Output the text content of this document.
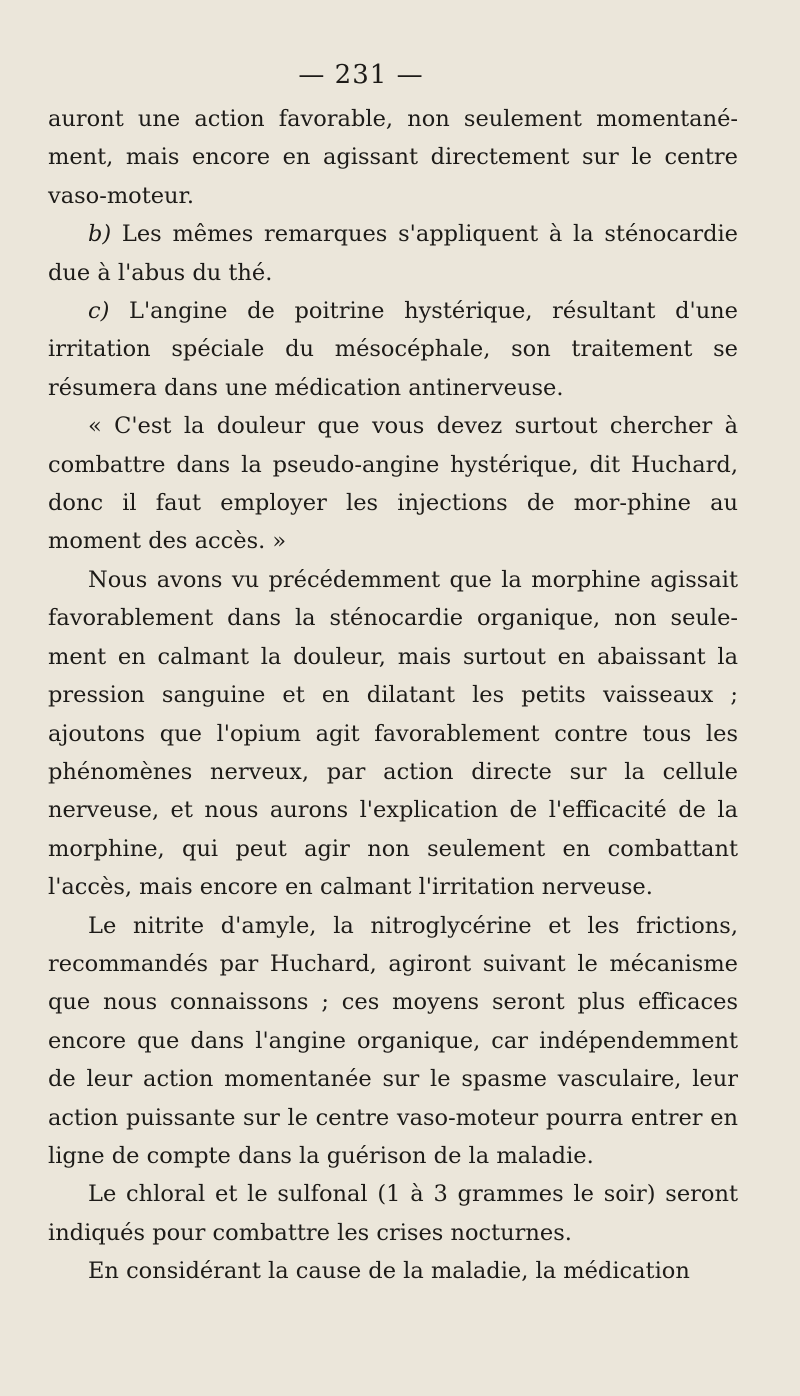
— 231 —

auront une action favorable, non seulement momentané-ment, mais encore en agissant directement sur le centre vaso-moteur.

b) Les mêmes remarques s'appliquent à la sténocardie due à l'abus du thé.

c) L'angine de poitrine hystérique, résultant d'une irritation spéciale du mésocéphale, son traitement se résumera dans une médication antinerveuse.

« C'est la douleur que vous devez surtout chercher à combattre dans la pseudo-angine hystérique, dit Huchard, donc il faut employer les injections de mor-phine au moment des accès. »

Nous avons vu précédemment que la morphine agissait favorablement dans la sténocardie organique, non seule-ment en calmant la douleur, mais surtout en abaissant la pression sanguine et en dilatant les petits vaisseaux ; ajoutons que l'opium agit favorablement contre tous les phénomènes nerveux, par action directe sur la cellule nerveuse, et nous aurons l'explication de l'efficacité de la morphine, qui peut agir non seulement en combattant l'accès, mais encore en calmant l'irritation nerveuse.

Le nitrite d'amyle, la nitroglycérine et les frictions, recommandés par Huchard, agiront suivant le mécanisme que nous connaissons ; ces moyens seront plus efficaces encore que dans l'angine organique, car indépendemment de leur action momentanée sur le spasme vasculaire, leur action puissante sur le centre vaso-moteur pourra entrer en ligne de compte dans la guérison de la maladie.

Le chloral et le sulfonal (1 à 3 grammes le soir) seront indiqués pour combattre les crises nocturnes.

En considérant la cause de la maladie, la médication
